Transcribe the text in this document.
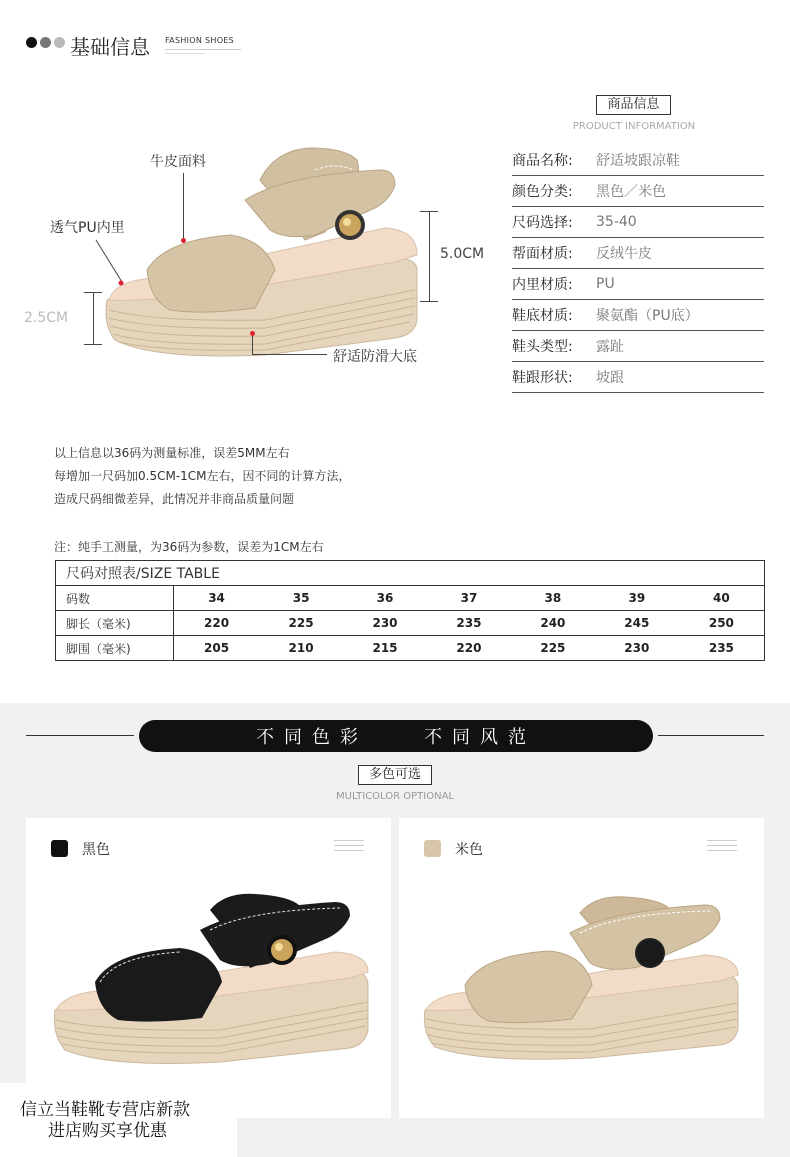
基础信息 FASHION SHOES
商品信息
PRODUCT INFORMATION
商品名称:	舒适坡跟凉鞋
颜色分类:	黑色／米色
尺码选择:	35-40
帮面材质:	反绒牛皮
内里材质:	PU
鞋底材质:	聚氨酯（PU底）
鞋头类型:	露趾
鞋跟形状:	坡跟
牛皮面料
透气PU内里
舒适防滑大底
5.0CM
2.5CM
以上信息以36码为测量标准，误差5MM左右
每增加一尺码加0.5CM-1CM左右，因不同的计算方法，
造成尺码细微差异，此情况并非商品质量问题
注：纯手工测量，为36码为参数，误差为1CM左右
尺码对照表/SIZE TABLE							
码数	34	35	36	37	38	39	40
脚长（毫米)	220	225	230	235	240	245	250
脚围（毫米)	205	210	215	220	225	230	235
不同色彩	不同风范
多色可选
MULTICOLOR OPTIONAL
黑色	米色
信立当鞋靴专营店新款
进店购买享优惠
